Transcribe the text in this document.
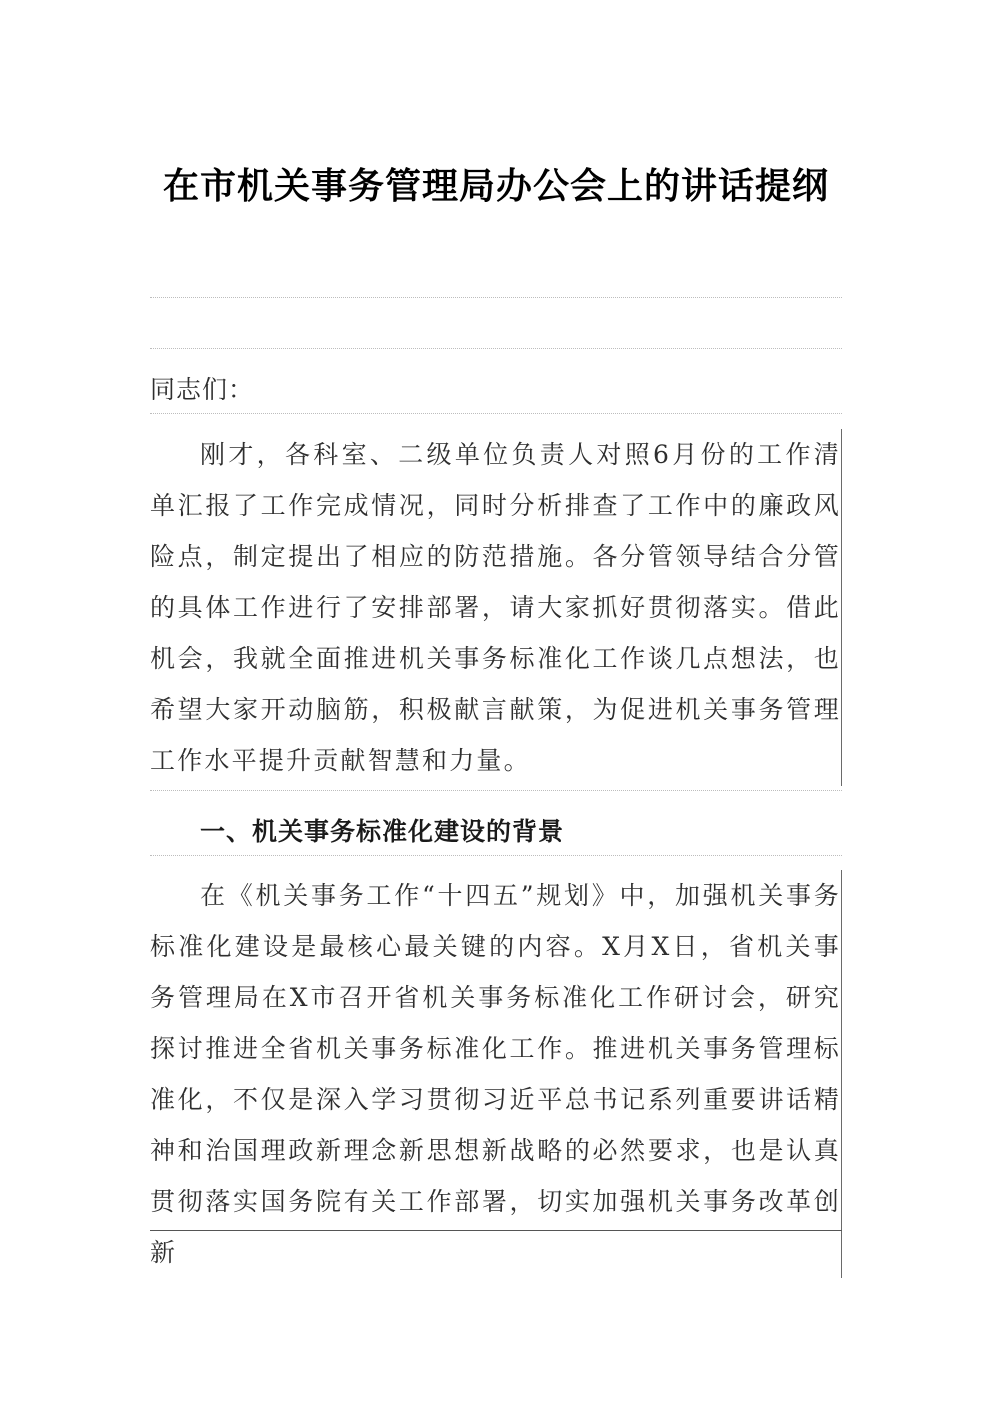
在市机关事务管理局办公会上的讲话提纲

同志们：

刚才，各科室、二级单位负责人对照6月份的工作清单汇报了工作完成情况，同时分析排查了工作中的廉政风险点，制定提出了相应的防范措施。各分管领导结合分管的具体工作进行了安排部署，请大家抓好贯彻落实。借此机会，我就全面推进机关事务标准化工作谈几点想法，也希望大家开动脑筋，积极献言献策，为促进机关事务管理工作水平提升贡献智慧和力量。

一、机关事务标准化建设的背景

在《机关事务工作“十四五”规划》中，加强机关事务标准化建设是最核心最关键的内容。X月X日，省机关事务管理局在X市召开省机关事务标准化工作研讨会，研究探讨推进全省机关事务标准化工作。推进机关事务管理标准化，不仅是深入学习贯彻习近平总书记系列重要讲话精神和治国理政新理念新思想新战略的必然要求，也是认真贯彻落实国务院有关工作部署，切实加强机关事务改革创新
